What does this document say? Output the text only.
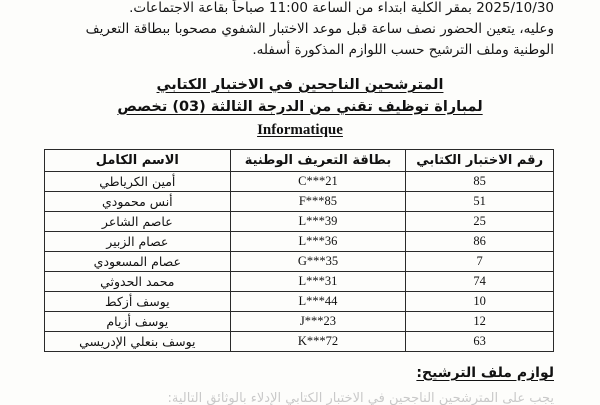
2025/10/30 بمقر الكلية ابتداء من الساعة 11:00 صباحاً بقاعة الاجتماعات.
وعليه، يتعين الحضور نصف ساعة قبل موعد الاختبار الشفوي مصحوبا ببطاقة التعريف الوطنية وملف الترشيح حسب اللوازم المذكورة أسفله.
المترشحين الناجحين في الاختبار الكتابي
لمباراة توظيف تقني من الدرجة الثالثة (03) تخصص
Informatique
رقم الاختبار الكتابي	بطاقة التعريف الوطنية	الاسم الكامل
85	C***21	أمين الكرياطي
51	F***85	أنس محمودي
25	L***39	عاصم الشاعر
86	L***36	عصام الزبير
7	G***35	عصام المسعودي
74	L***31	محمد الحدوثي
10	L***44	يوسف أزكط
12	J***23	يوسف أزيام
63	K***72	يوسف بنعلي الإدريسي
لوازم ملف الترشيح:
يجب على المترشحين الناجحين في الاختبار الكتابي الإدلاء بالوثائق التالية:
